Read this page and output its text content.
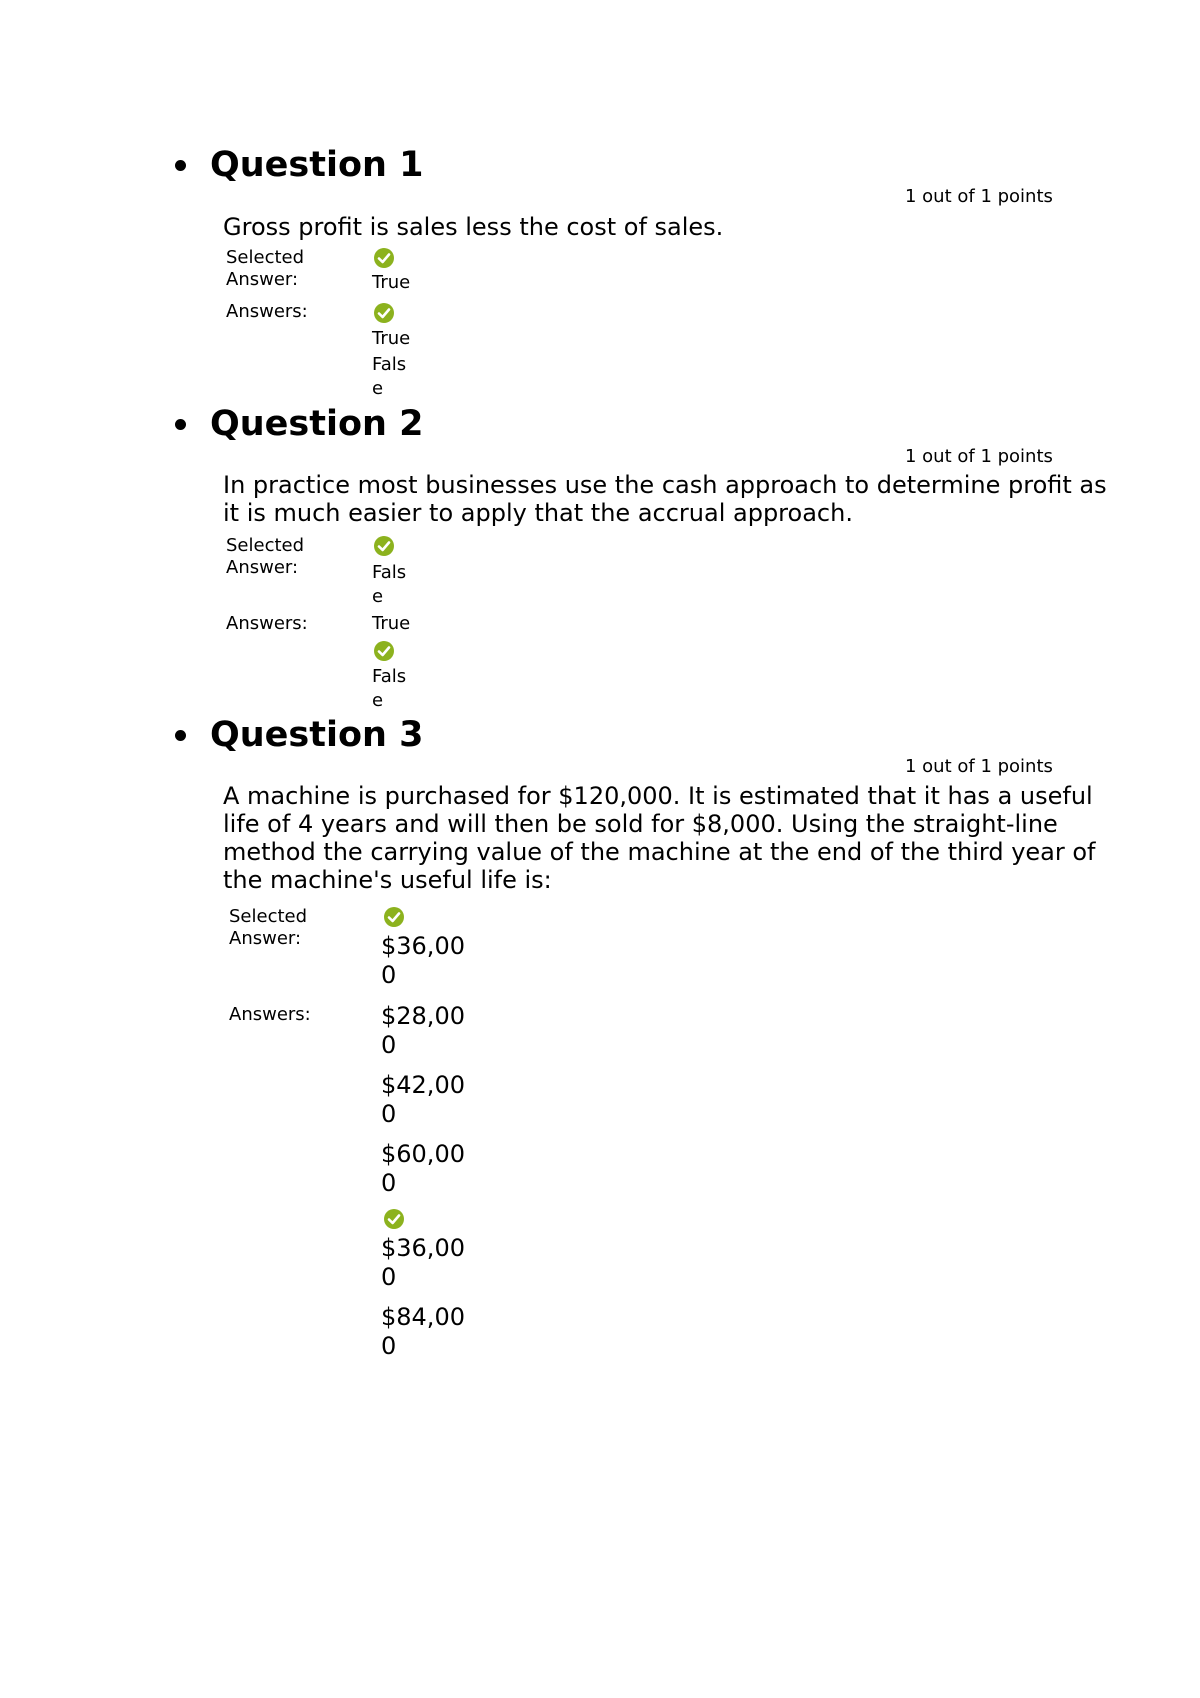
Question 1
1 out of 1 points

Gross profit is sales less the cost of sales.

Selected Answer:	True
Answers:
True
False
Question 2
1 out of 1 points

In practice most businesses use the cash approach to determine profit as it is much easier to apply that the accrual approach.

Selected Answer:	False
Answers:	True
False
Question 3
1 out of 1 points

A machine is purchased for $120,000. It is estimated that it has a useful life of 4 years and will then be sold for $8,000. Using the straight-line method the carrying value of the machine at the end of the third year of the machine's useful life is:

Selected Answer:	$36,000
Answers:	$28,000
$42,000
$60,000
$36,000
$84,000
